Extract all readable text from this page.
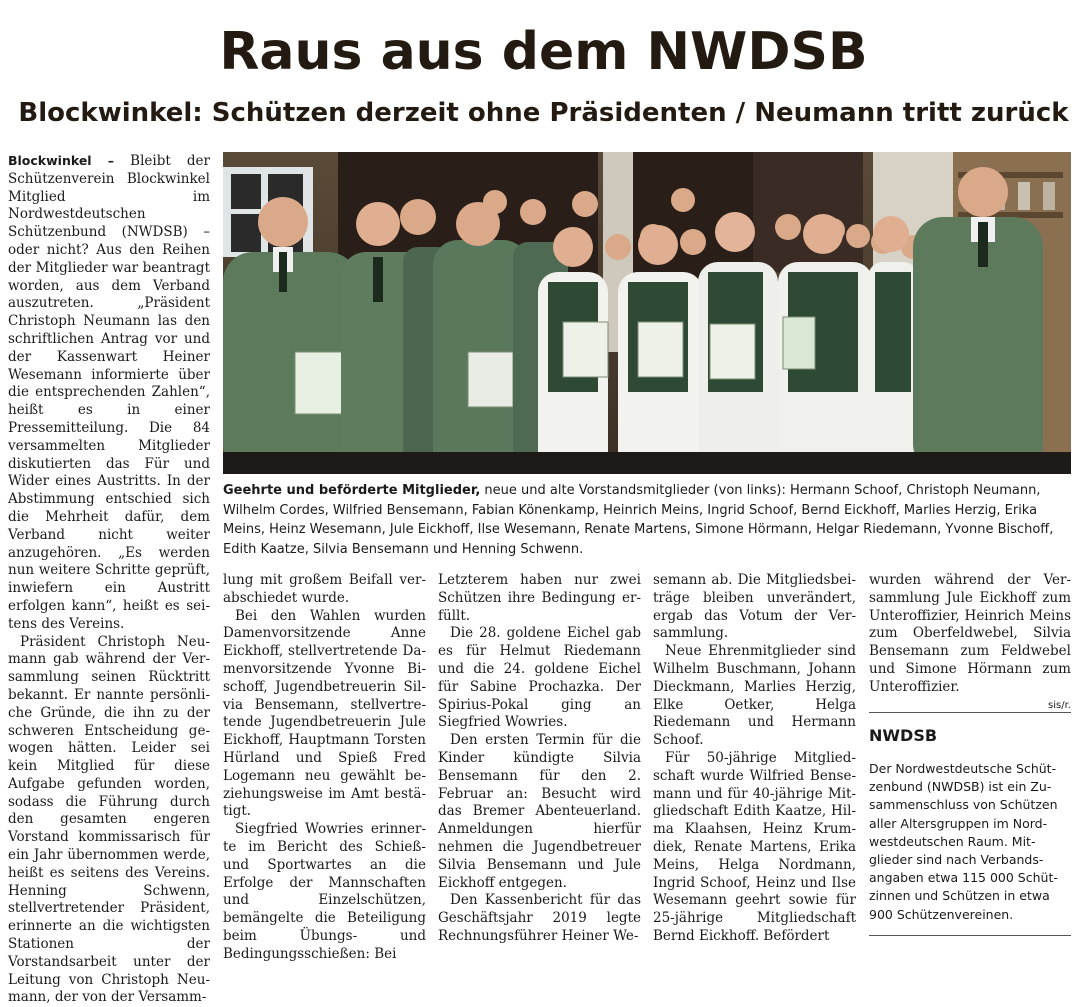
Raus aus dem NWDSB
Blockwinkel: Schützen derzeit ohne Präsidenten / Neumann tritt zurück

Blockwinkel – Bleibt der Schützenverein Blockwinkel Mitglied im Nordwestdeutschen Schützenbund (NWDSB) – oder nicht? Aus den Reihen der Mitglieder war beantragt worden, aus dem Verband auszutreten. „Präsident Christoph Neumann las den schriftlichen Antrag vor und der Kassenwart Heiner Wesemann informierte über die entsprechenden Zahlen“, heißt es in einer Pressemitteilung. Die 84 versammelten Mitglieder diskutierten das Für und Wider eines Austritts. In der Abstimmung entschied sich die Mehrheit dafür, dem Verband nicht weiter anzugehören. „Es werden nun weitere Schritte geprüft, inwiefern ein Austritt erfolgen kann“, heißt es seitens des Vereins.

Präsident Christoph Neumann gab während der Versammlung seinen Rücktritt bekannt. Er nannte persönliche Gründe, die ihn zu der schweren Entscheidung gewogen hätten. Leider sei kein Mitglied für diese Aufgabe gefunden worden, sodass die Führung durch den gesamten engeren Vorstand kommissarisch für ein Jahr übernommen werde, heißt es seitens des Vereins. Henning Schwenn, stellvertretender Präsident, erinnerte an die wichtigsten Stationen der Vorstandsarbeit unter der Leitung von Christoph Neumann, der von der Versamm-

Geehrte und beförderte Mitglieder, neue und alte Vorstandsmitglieder (von links): Hermann Schoof, Christoph Neumann, Wilhelm Cordes, Wilfried Bensemann, Fabian Könenkamp, Heinrich Meins, Ingrid Schoof, Bernd Eickhoff, Marlies Herzig, Erika Meins, Heinz Wesemann, Jule Eickhoff, Ilse Wesemann, Renate Martens, Simone Hörmann, Helgar Riedemann, Yvonne Bischoff, Edith Kaatze, Silvia Bensemann und Henning Schwenn.

lung mit großem Beifall verabschiedet wurde.

Bei den Wahlen wurden Damenvorsitzende Anne Eickhoff, stellvertretende Damenvorsitzende Yvonne Bischoff, Jugendbetreuerin Silvia Bensemann, stellvertretende Jugendbetreuerin Jule Eickhoff, Hauptmann Torsten Hürland und Spieß Fred Logemann neu gewählt beziehungsweise im Amt bestätigt.

Siegfried Wowries erinnerte im Bericht des Schieß- und Sportwartes an die Erfolge der Mannschaften und Einzelschützen, bemängelte die Beteiligung beim Übungs- und Bedingungsschießen: Bei

Letzterem haben nur zwei Schützen ihre Bedingung erfüllt.

Die 28. goldene Eichel gab es für Helmut Riedemann und die 24. goldene Eichel für Sabine Prochazka. Der Spirius-Pokal ging an Siegfried Wowries.

Den ersten Termin für die Kinder kündigte Silvia Bensemann für den 2. Februar an: Besucht wird das Bremer Abenteuerland. Anmeldungen hierfür nehmen die Jugendbetreuer Silvia Bensemann und Jule Eickhoff entgegen.

Den Kassenbericht für das Geschäftsjahr 2019 legte Rechnungsführer Heiner We-

semann ab. Die Mitgliedsbeiträge bleiben unverändert, ergab das Votum der Versammlung.

Neue Ehrenmitglieder sind Wilhelm Buschmann, Johann Dieckmann, Marlies Herzig, Elke Oetker, Helga Riedemann und Hermann Schoof.

Für 50-jährige Mitgliedschaft wurde Wilfried Bensemann und für 40-jährige Mitgliedschaft Edith Kaatze, Hilma Klaahsen, Heinz Krumdiek, Renate Martens, Erika Meins, Helga Nordmann, Ingrid Schoof, Heinz und Ilse Wesemann geehrt sowie für 25-jährige Mitgliedschaft Bernd Eickhoff. Befördert

wurden während der Versammlung Jule Eickhoff zum Unteroffizier, Heinrich Meins zum Oberfeldwebel, Silvia Bensemann zum Feldwebel und Simone Hörmann zum Unteroffizier.

sis/r.

NWDSB
Der Nordwestdeutsche Schützenbund (NWDSB) ist ein Zusammenschluss von Schützen aller Altersgruppen im Nordwestdeutschen Raum. Mitglieder sind nach Verbandsangaben etwa 115 000 Schützinnen und Schützen in etwa 900 Schützenvereinen.
